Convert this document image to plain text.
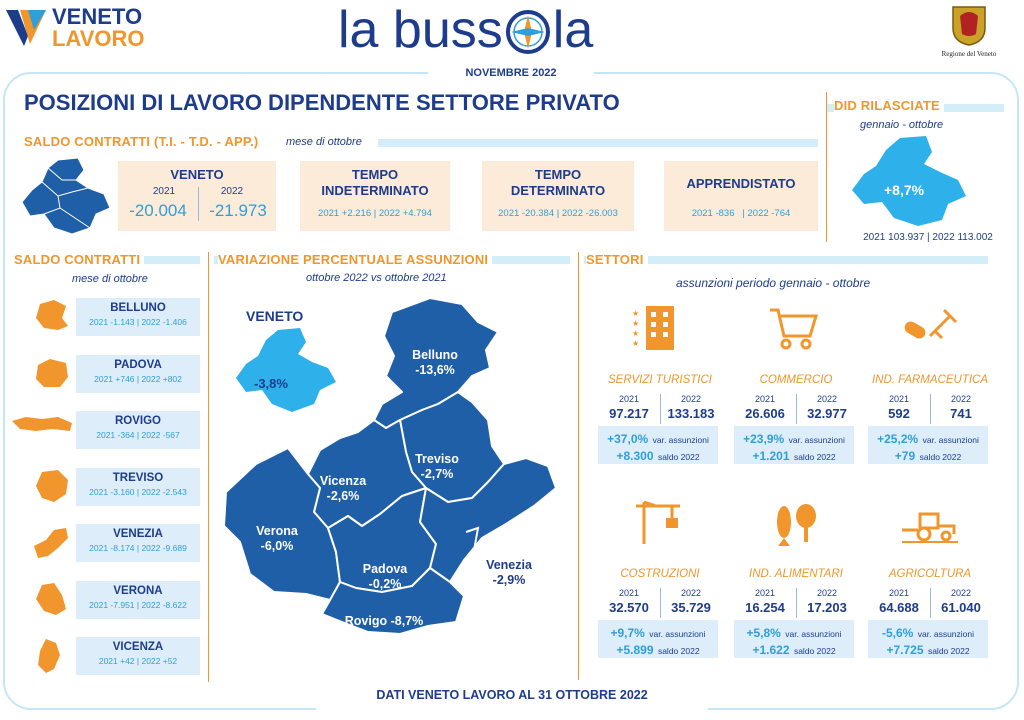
VENETO
LAVORO	la buss la	Regione del Veneto
NOVEMBRE 2022
POSIZIONI DI LAVORO DIPENDENTE SETTORE PRIVATO
SALDO CONTRATTI (T.I. - T.D. - APP.)	mese di ottobre
VENETO
2021	2022
-20.004	-21.973
TEMPO
INDETERMINATO
2021 +2.216 | 2022 +4.794
TEMPO
DETERMINATO
2021 -20.384 | 2022 -26.003
APPRENDISTATO
2021 -836   | 2022 -764
DID RILASCIATE
gennaio - ottobre
+8,7%
2021 103.937 | 2022 113.002
SALDO CONTRATTI
mese di ottobre
BELLUNO
2021 -1.143 | 2022 -1.406
PADOVA
2021 +746 | 2022 +802
ROVIGO
2021 -364 | 2022 -567
TREVISO
2021 -3.160 | 2022 -2.543
VENEZIA
2021 -8.174 | 2022 -9.689
VERONA
2021 -7.951 | 2022 -8.622
VICENZA
2021 +42 | 2022 +52
VARIAZIONE PERCENTUALE ASSUNZIONI
ottobre 2022 vs ottobre 2021
VENETO
-3,8%
Belluno
-13,6%
Treviso
-2,7%
Vicenza
-2,6%
Verona
-6,0%
Padova
-0,2%
Venezia
-2,9%
Rovigo -8,7%
SETTORI
assunzioni periodo gennaio - ottobre
★
★
★
★
SERVIZI TURISTICI
2021	2022
97.217	133.183
+37,0% var. assunzioni
+8.300 saldo 2022
COMMERCIO
2021	2022
26.606	32.977
+23,9% var. assunzioni
+1.201 saldo 2022
IND. FARMACEUTICA
2021	2022
592	741
+25,2% var. assunzioni
+79 saldo 2022
COSTRUZIONI
2021	2022
32.570	35.729
+9,7% var. assunzioni
+5.899 saldo 2022
IND. ALIMENTARI
2021	2022
16.254	17.203
+5,8% var. assunzioni
+1.622 saldo 2022
AGRICOLTURA
2021	2022
64.688	61.040
-5,6% var. assunzioni
+7.725 saldo 2022
DATI VENETO LAVORO AL 31 OTTOBRE 2022
